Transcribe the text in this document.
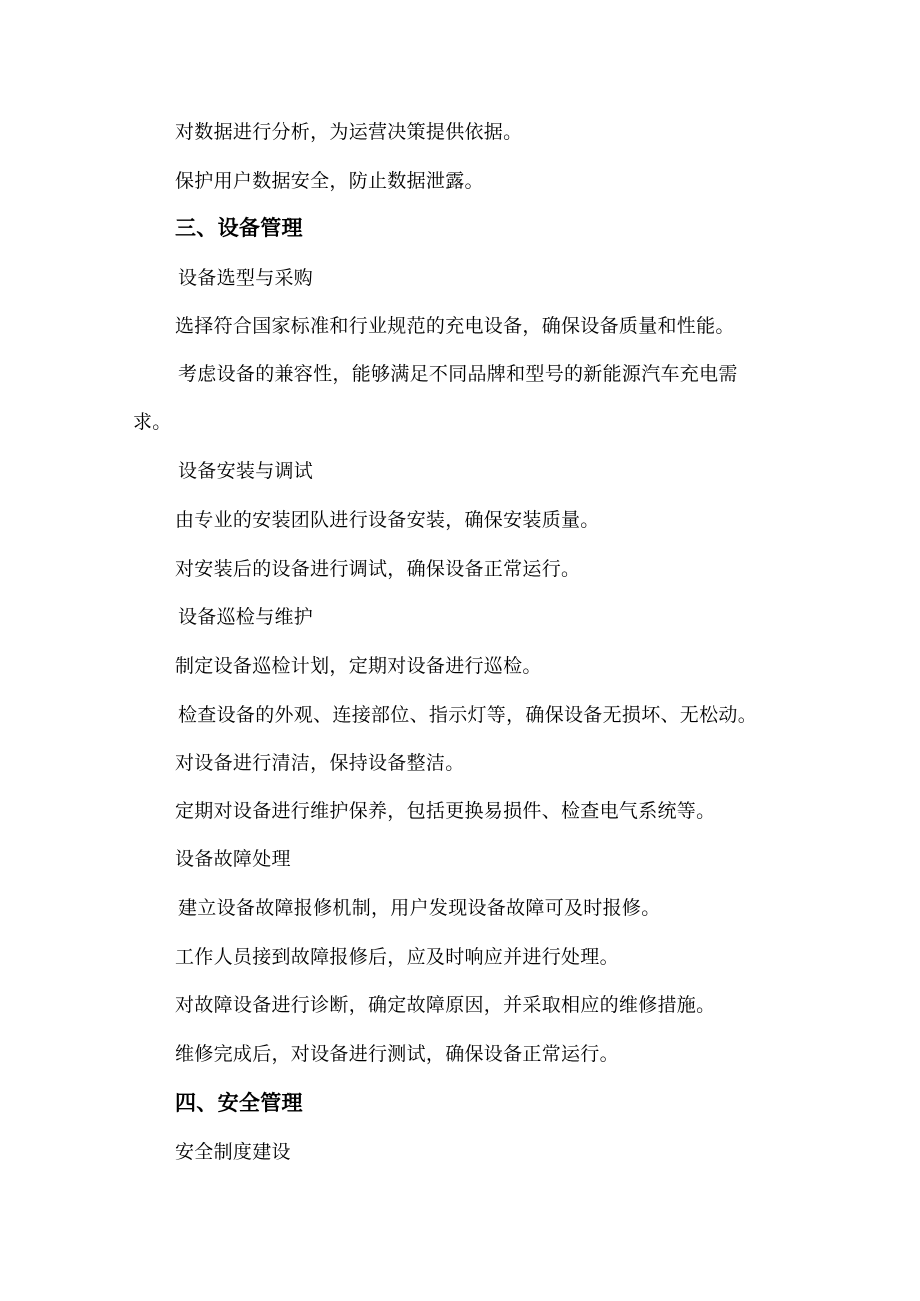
对数据进行分析，为运营决策提供依据。

保护用户数据安全，防止数据泄露。

三、设备管理

设备选型与采购

选择符合国家标准和行业规范的充电设备，确保设备质量和性能。

考虑设备的兼容性，能够满足不同品牌和型号的新能源汽车充电需

求。

设备安装与调试

由专业的安装团队进行设备安装，确保安装质量。

对安装后的设备进行调试，确保设备正常运行。

设备巡检与维护

制定设备巡检计划，定期对设备进行巡检。

检查设备的外观、连接部位、指示灯等，确保设备无损坏、无松动。

对设备进行清洁，保持设备整洁。

定期对设备进行维护保养，包括更换易损件、检查电气系统等。

设备故障处理

建立设备故障报修机制，用户发现设备故障可及时报修。

工作人员接到故障报修后，应及时响应并进行处理。

对故障设备进行诊断，确定故障原因，并采取相应的维修措施。

维修完成后，对设备进行测试，确保设备正常运行。

四、安全管理

安全制度建设
